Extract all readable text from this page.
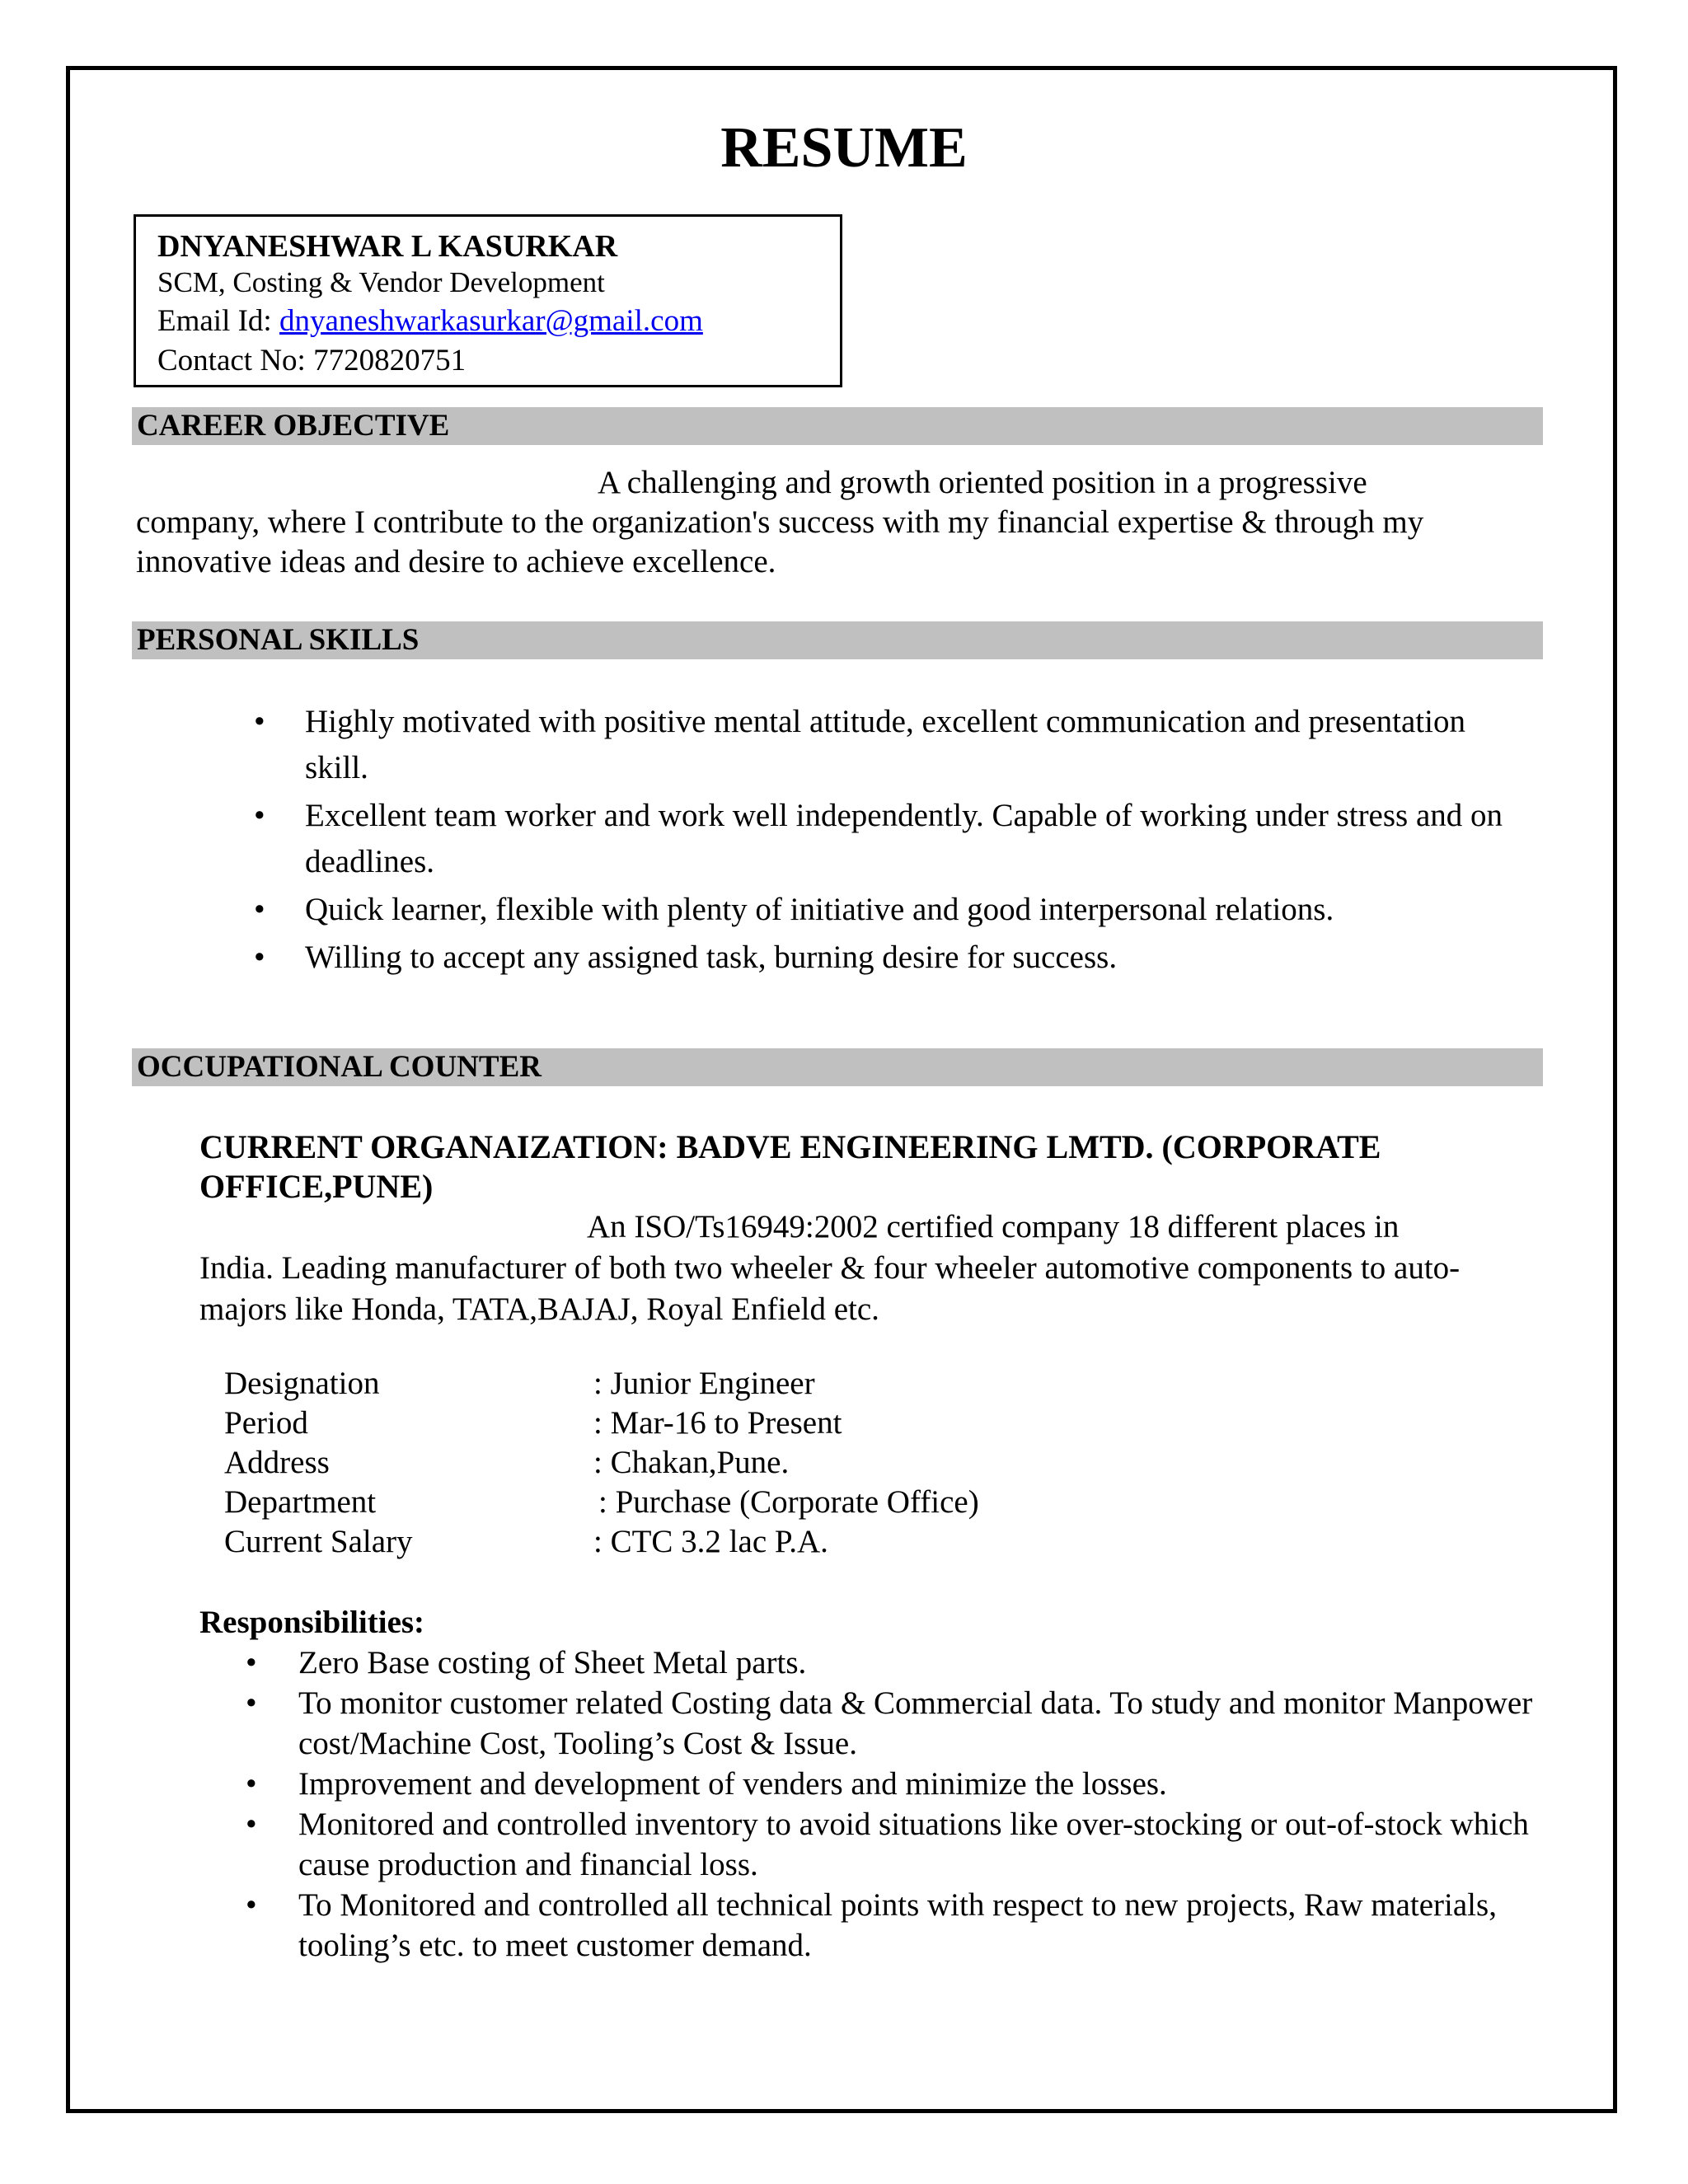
RESUME
DNYANESHWAR L KASURKAR
SCM, Costing & Vendor Development
Email Id: dnyaneshwarkasurkar@gmail.com
Contact No: 7720820751
CAREER OBJECTIVE
A challenging and growth oriented position in a progressive
company, where I contribute to the organization's success with my financial expertise & through my innovative ideas and desire to achieve excellence.
PERSONAL SKILLS
• Highly motivated with positive mental attitude, excellent communication and presentation skill.
• Excellent team worker and work well independently. Capable of working under stress and on deadlines.
• Quick learner, flexible with plenty of initiative and good interpersonal relations.
• Willing to accept any assigned task, burning desire for success.
OCCUPATIONAL COUNTER
CURRENT ORGANAIZATION: BADVE ENGINEERING LMTD. (CORPORATE OFFICE,PUNE)
An ISO/Ts16949:2002 certified company 18 different places in
India. Leading manufacturer of both two wheeler & four wheeler automotive components to auto-majors like Honda, TATA,BAJAJ, Royal Enfield etc.
Designation	: Junior Engineer
Period	: Mar-16 to Present
Address	: Chakan,Pune.
Department	: Purchase (Corporate Office)
Current Salary	: CTC 3.2 lac P.A.
Responsibilities:
• Zero Base costing of Sheet Metal parts.
• To monitor customer related Costing data & Commercial data. To study and monitor Manpower cost/Machine Cost, Tooling’s Cost & Issue.
• Improvement and development of venders and minimize the losses.
• Monitored and controlled inventory to avoid situations like over-stocking or out-of-stock which cause production and financial loss.
• To Monitored and controlled all technical points with respect to new projects, Raw materials, tooling’s etc. to meet customer demand.
